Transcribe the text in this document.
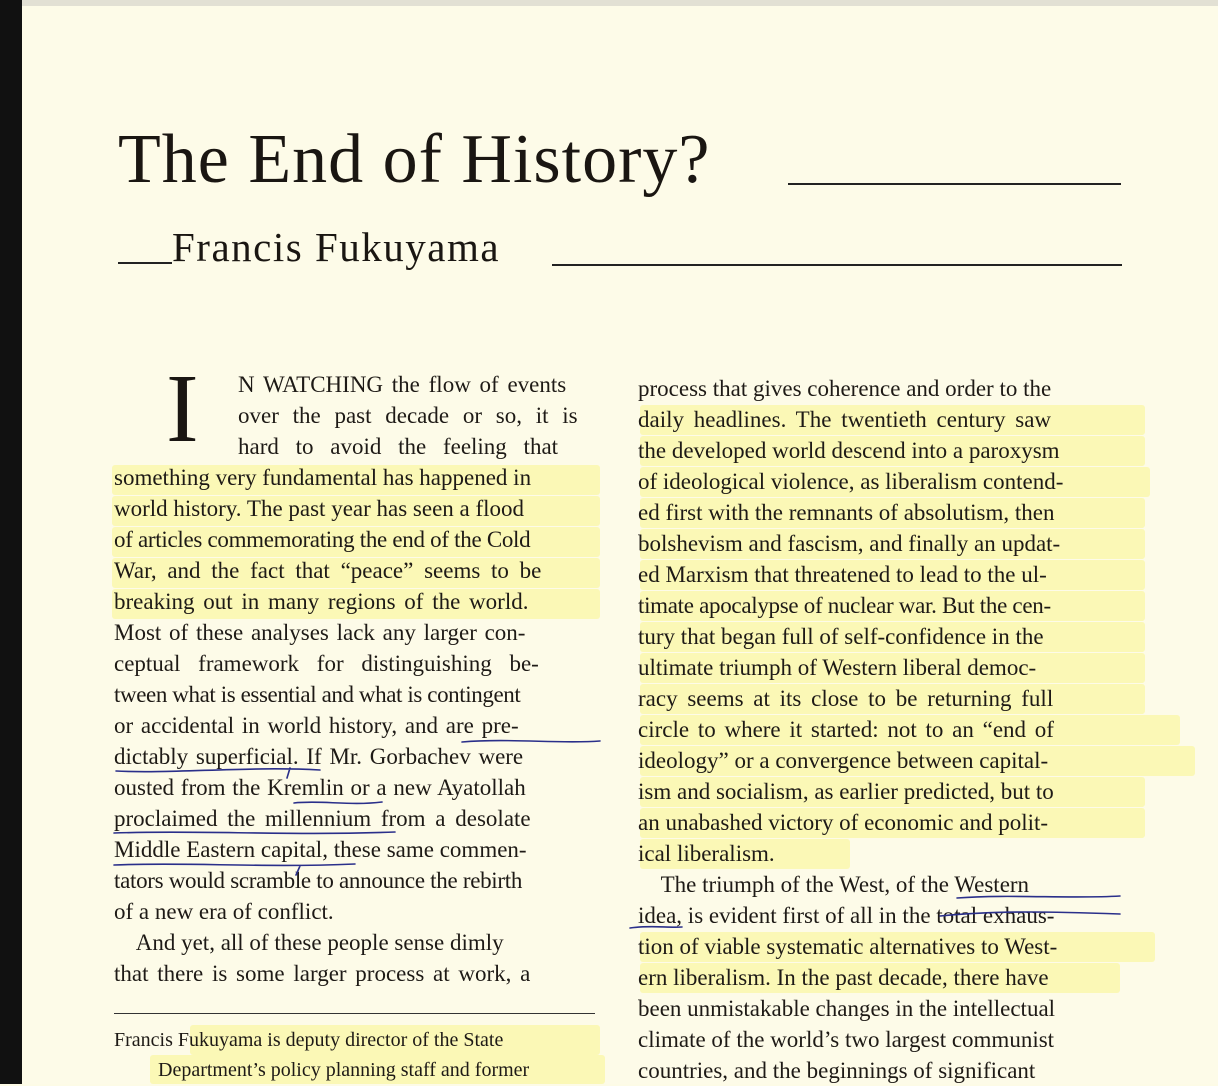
The End of History?
Francis Fukuyama
I N WATCHING the flow of events
over the past decade or so, it is
hard to avoid the feeling that
something very fundamental has happened in
world history. The past year has seen a flood
of articles commemorating the end of the Cold
War, and the fact that “peace” seems to be
breaking out in many regions of the world.
Most of these analyses lack any larger con-
ceptual framework for distinguishing be-
tween what is essential and what is contingent
or accidental in world history, and are pre-
dictably superficial. If Mr. Gorbachev were
ousted from the Kremlin or a new Ayatollah
proclaimed the millennium from a desolate
Middle Eastern capital, these same commen-
tators would scramble to announce the rebirth
of a new era of conflict.
And yet, all of these people sense dimly
that there is some larger process at work, a
process that gives coherence and order to the
daily headlines. The twentieth century saw
the developed world descend into a paroxysm
of ideological violence, as liberalism contend-
ed first with the remnants of absolutism, then
bolshevism and fascism, and finally an updat-
ed Marxism that threatened to lead to the ul-
timate apocalypse of nuclear war. But the cen-
tury that began full of self-confidence in the
ultimate triumph of Western liberal democ-
racy seems at its close to be returning full
circle to where it started: not to an “end of
ideology” or a convergence between capital-
ism and socialism, as earlier predicted, but to
an unabashed victory of economic and polit-
ical liberalism.
The triumph of the West, of the Western
idea, is evident first of all in the total exhaus-
tion of viable systematic alternatives to West-
ern liberalism. In the past decade, there have
been unmistakable changes in the intellectual
climate of the world’s two largest communist
countries, and the beginnings of significant
Francis Fukuyama is deputy director of the State
Department’s policy planning staff and former
